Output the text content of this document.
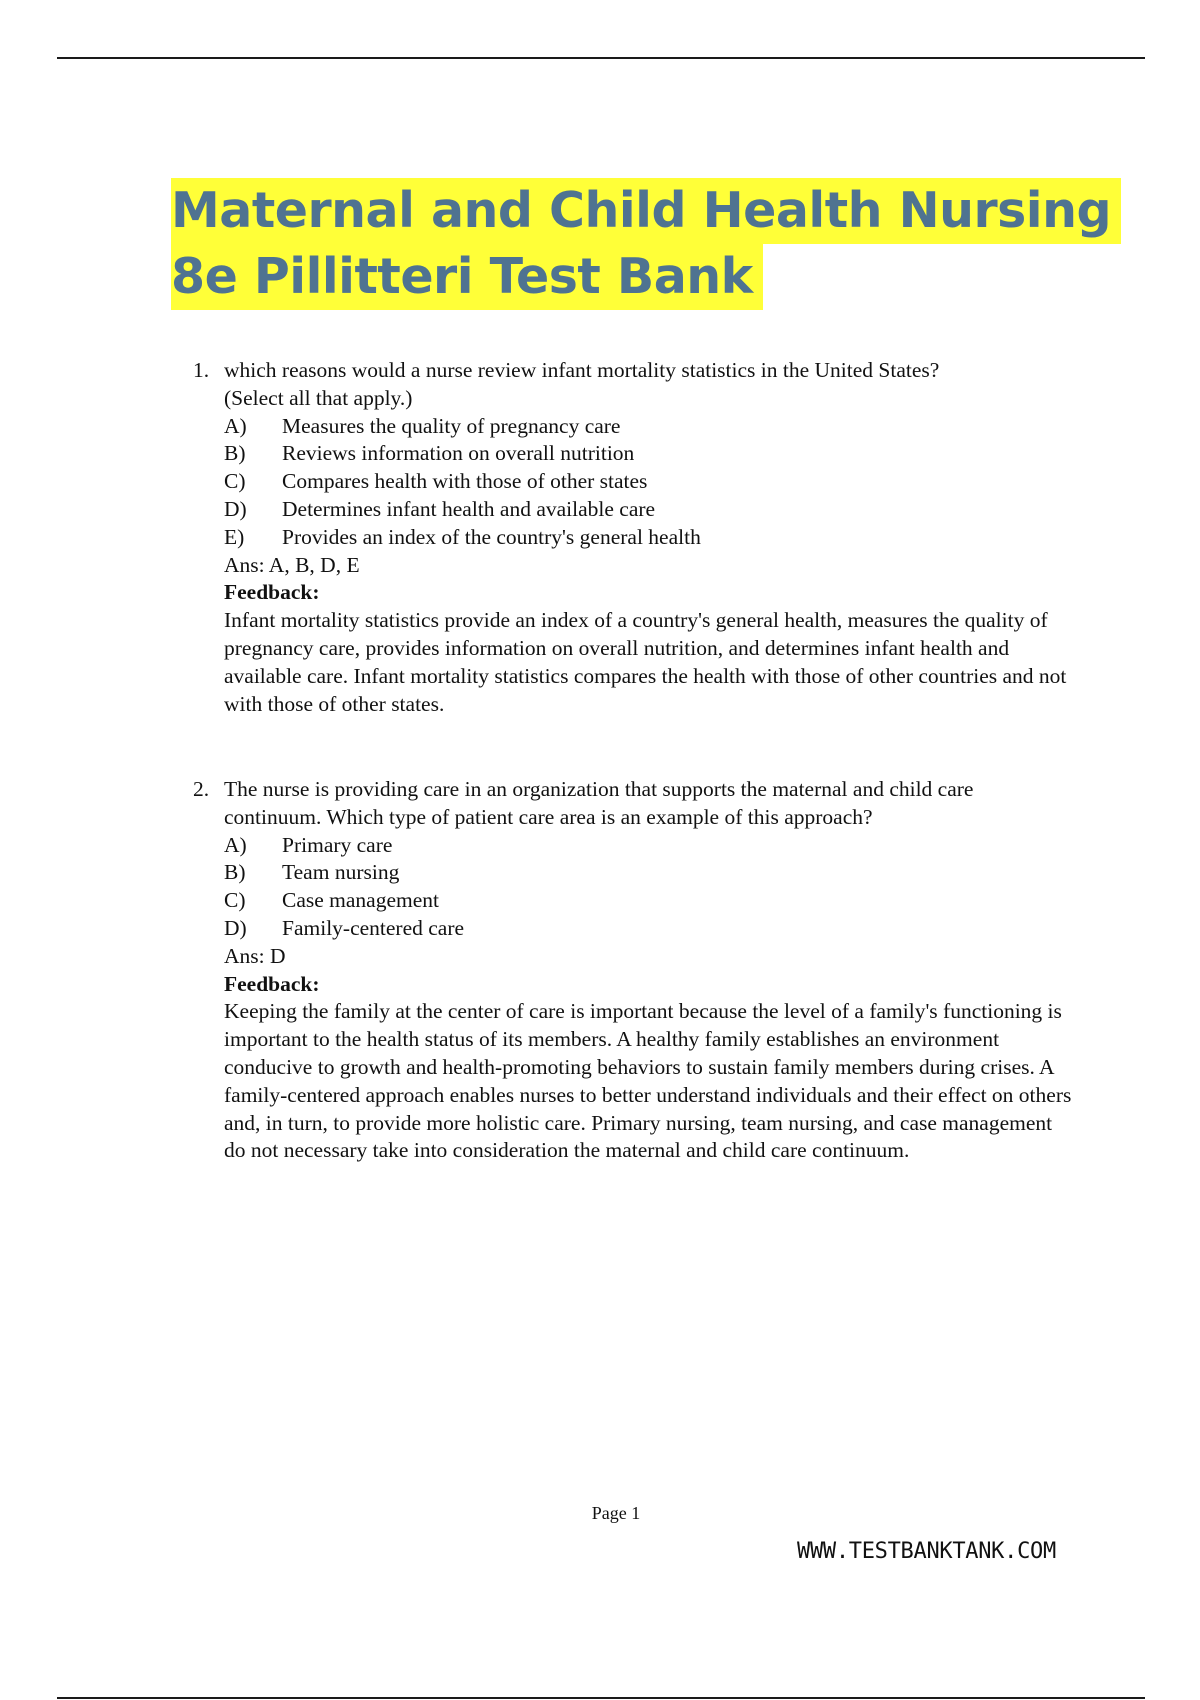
Maternal and Child Health Nursing
8e Pillitteri Test Bank
1. which reasons would a nurse review infant mortality statistics in the United States?
(Select all that apply.)
A)	Measures the quality of pregnancy care
B)	Reviews information on overall nutrition
C)	Compares health with those of other states
D)	Determines infant health and available care
E)	Provides an index of the country's general health
Ans: A, B, D, E
Feedback:
Infant mortality statistics provide an index of a country's general health, measures the quality of pregnancy care, provides information on overall nutrition, and determines infant health and available care. Infant mortality statistics compares the health with those of other countries and not with those of other states.
2. The nurse is providing care in an organization that supports the maternal and child care
continuum. Which type of patient care area is an example of this approach?
A)	Primary care
B)	Team nursing
C)	Case management
D)	Family-centered care
Ans: D
Feedback:
Keeping the family at the center of care is important because the level of a family's functioning is important to the health status of its members. A healthy family establishes an environment conducive to growth and health-promoting behaviors to sustain family members during crises. A family-centered approach enables nurses to better understand individuals and their effect on others and, in turn, to provide more holistic care. Primary nursing, team nursing, and case management do not necessary take into consideration the maternal and child care continuum.
Page 1
WWW.TESTBANKTANK.COM
